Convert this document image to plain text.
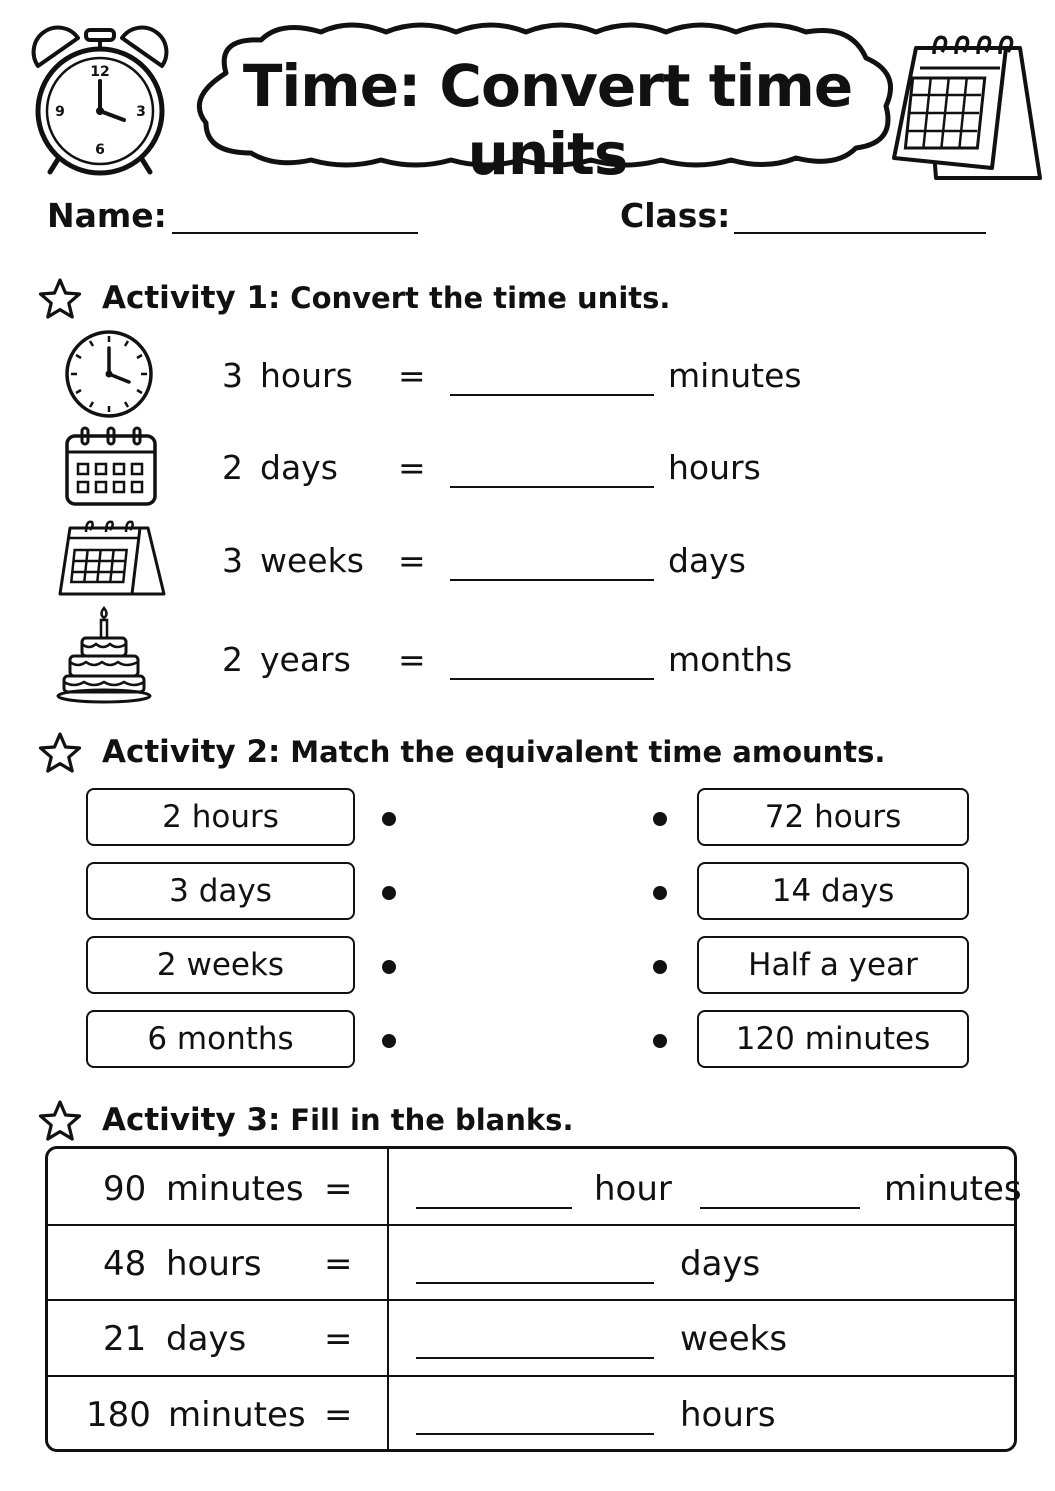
12
3
6
9	Time: Convert time units
Name:	Class:
Activity 1: Convert the time units.
3 hours =	minutes
2 days =	hours
3 weeks =	days
2 years =	months
Activity 2: Match the equivalent time amounts.
2 hours
3 days
2 weeks
6 months
72 hours
14 days
Half a year
120 minutes
Activity 3: Fill in the blanks.
90 minutes =	hour	minutes
48 hours =	days
21 days =	weeks
180 minutes =	hours
